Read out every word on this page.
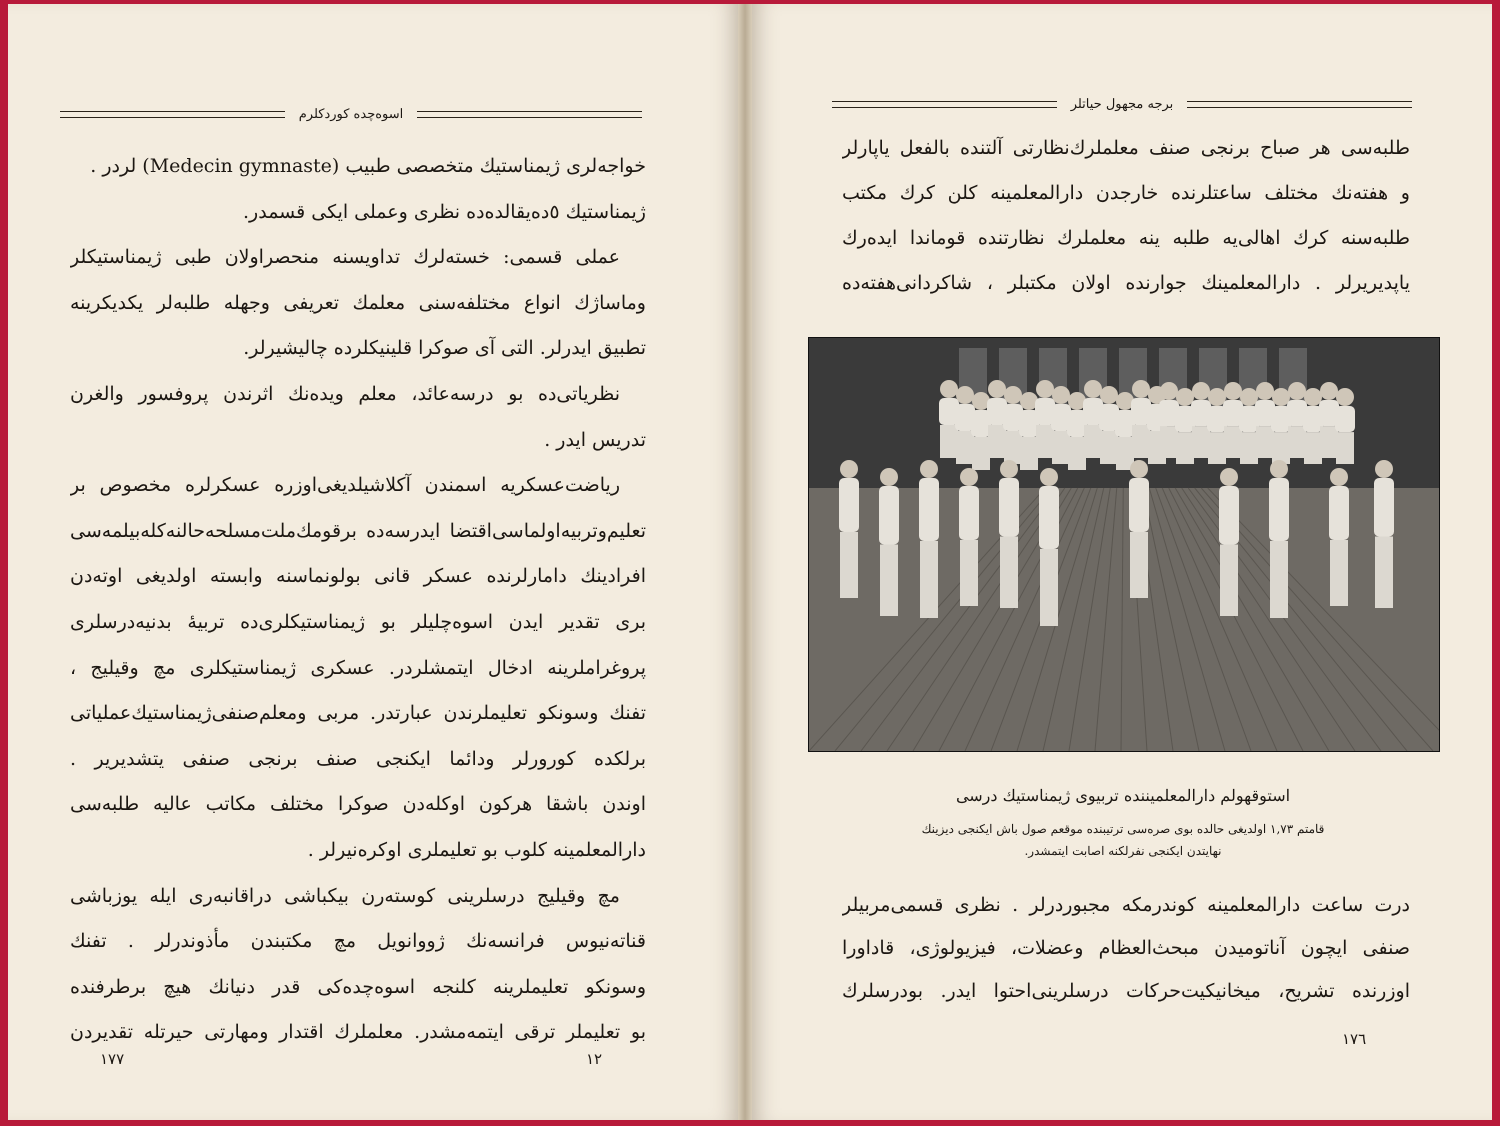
اسوه‌چده كوردكلرم
خواجه‌لرى ژيمناستيك متخصصى طبيب (Medecin gymnaste) لردر .
ژيمناستيك ٥ده‌يقالده‌ده نظرى وعملى ايكى قسمدر.
عملى قسمى: خسته‌لرك تداويسنه منحصراولان طبى ژيمناستيكلر
وماساژك انواع مختلفه‌سنى معلمك تعريفى وجهله طلبه‌لر يكديكرينه
تطبيق ايدرلر. التى آى صوكرا قلينيكلرده چاليشيرلر.
نظرياتى‌ده بو درسه‌عائد، معلم ويده‌نك اثرندن پروفسور والغرن
تدريس ايدر .
رياضت‌عسكريه اسمندن آكلاشيلديغى‌اوزره عسكرلره مخصوص بر
تعليم‌وتربيه‌اولماسى‌اقتضا ايدرسه‌ده برقومك‌ملت‌مسلحه‌حالنه‌كله‌بيلمه‌سى
افرادينك دامارلرنده عسكر قانى بولونماسنه وابسته اولديغى اوته‌دن
برى تقدير ايدن اسوه‌چليلر بو ژيمناستيكلرى‌ده تربيهٔ بدنيه‌درسلرى
پروغراملرينه ادخال ايتمشلردر. عسكرى ژيمناستيكلرى مچ وقيليج ،
تفنك وسونكو تعليملرندن عبارتدر. مربى ومعلم‌صنفى‌ژيمناستيك‌عملياتى
برلكده كورورلر ودائما ايكنجى صنف برنجى صنفى يتشديرير .
اوندن باشقا هركون اوكله‌دن صوكرا مختلف مكاتب عاليه طلبه‌سى
دارالمعلمينه كلوب بو تعليملرى اوكره‌نيرلر .
مچ وقيليج درسلرينى كوسته‌رن بيكباشى دراقانبه‌رى ايله يوزباشى
قناته‌نيوس فرانسه‌نك ژووانويل مچ مكتبندن مأذوندرلر . تفنك
وسونكو تعليملرينه كلنجه اسوه‌چده‌كى قدر دنيانك هيچ برطرفنده
بو تعليملر ترقى ايتمه‌مشدر. معلملرك اقتدار ومهارتى حيرتله تقديردن
١٧٧	١٢
برجه مجهول حياتلر
طلبه‌سى هر صباح برنجى صنف معلملرك‌نظارتى آلتنده بالفعل ياپارلر
و هفته‌نك مختلف ساعتلرنده خارجدن دارالمعلمينه كلن كرك مكتب
طلبه‌سنه كرك اهالى‌يه طلبه ينه معلملرك نظارتنده قوماندا ايده‌رك
ياپديريرلر . دارالمعلمينك جوارنده اولان مكتبلر ، شاكردانى‌هفته‌ده
استوقهولم دارالمعلميننده تربيوى ژيمناستيك درسى
قامتم ١,٧٣ اولديغى حالده بوى صره‌سى ترتيبنده موقعم صول باش ايكنجى ديزينك
نهايتدن ايكنجى نفرلكنه اصابت ايتمشدر.
درت ساعت دارالمعلمينه كوندرمكه مجبوردرلر . نظرى قسمى‌مربيلر
صنفى ايچون آناتوميدن مبحث‌العظام وعضلات، فيزيولوژى، قاداورا
اوزرنده تشريح، ميخانيكيت‌حركات درسلرينى‌احتوا ايدر. بودرسلرك
١٧٦
